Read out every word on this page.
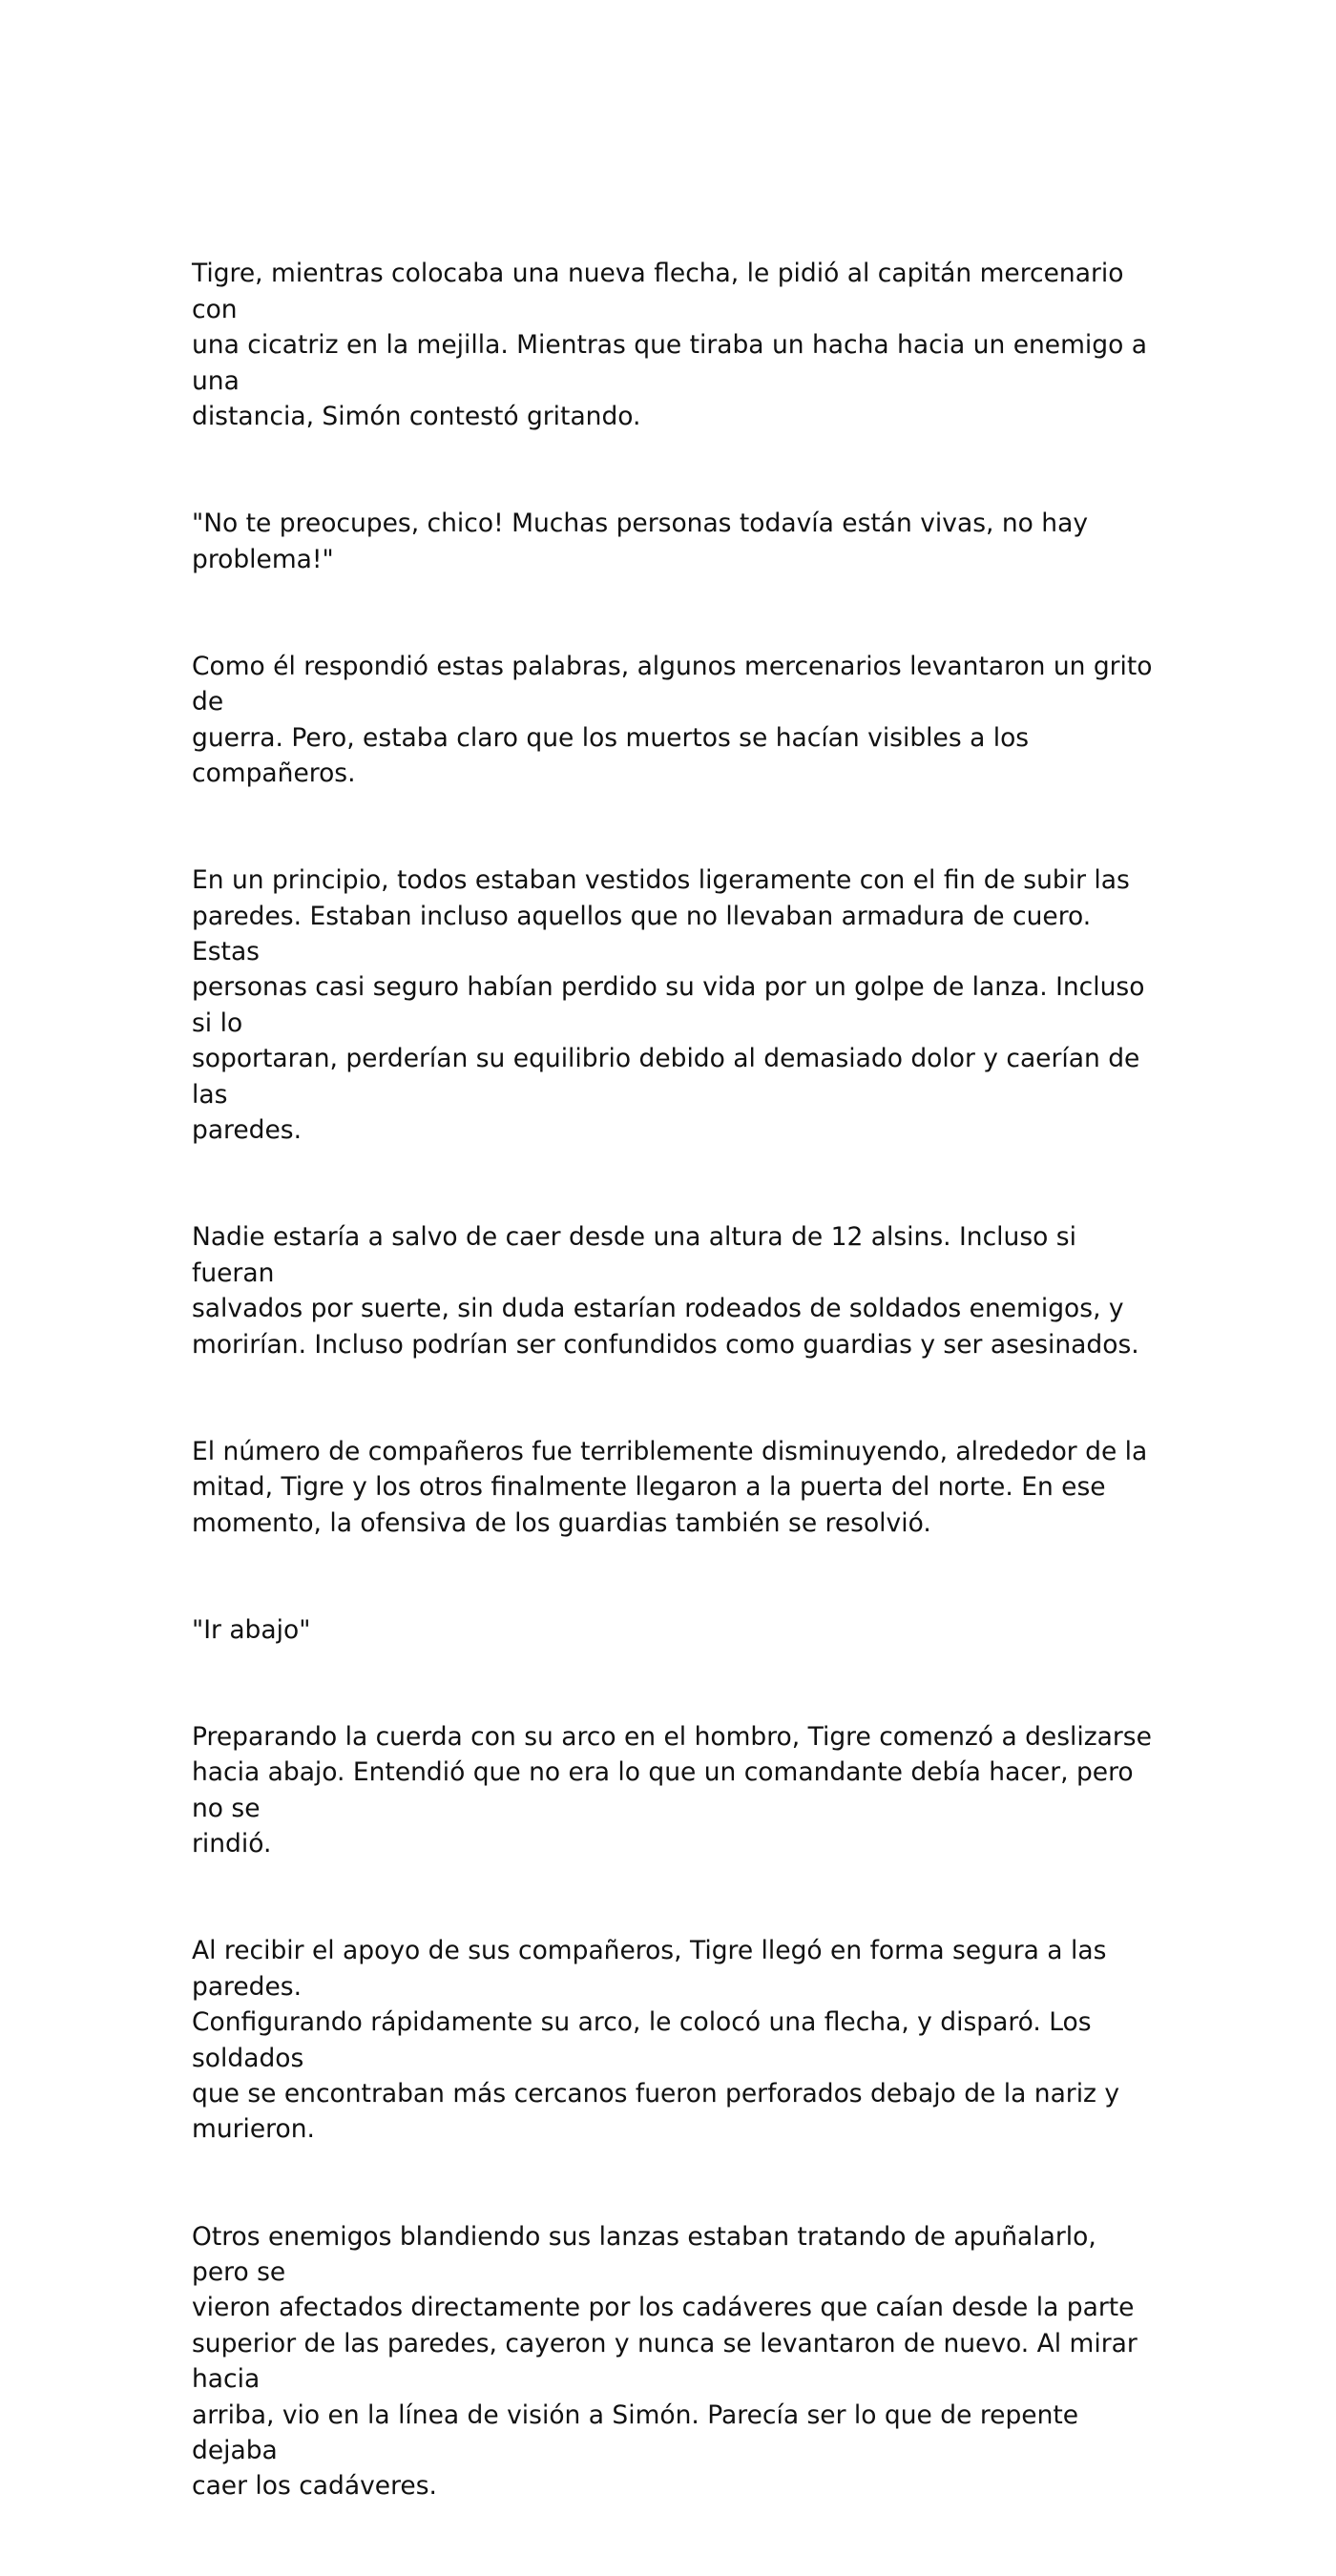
Tigre, mientras colocaba una nueva flecha, le pidió al capitán mercenario con
una cicatriz en la mejilla. Mientras que tiraba un hacha hacia un enemigo a una
distancia, Simón contestó gritando.

"No te preocupes, chico! Muchas personas todavía están vivas, no hay
problema!"

Como él respondió estas palabras, algunos mercenarios levantaron un grito de
guerra. Pero, estaba claro que los muertos se hacían visibles a los compañeros.

En un principio, todos estaban vestidos ligeramente con el fin de subir las
paredes. Estaban incluso aquellos que no llevaban armadura de cuero. Estas
personas casi seguro habían perdido su vida por un golpe de lanza. Incluso si lo
soportaran, perderían su equilibrio debido al demasiado dolor y caerían de las
paredes.

Nadie estaría a salvo de caer desde una altura de 12 alsins. Incluso si fueran
salvados por suerte, sin duda estarían rodeados de soldados enemigos, y
morirían. Incluso podrían ser confundidos como guardias y ser asesinados.

El número de compañeros fue terriblemente disminuyendo, alrededor de la
mitad, Tigre y los otros finalmente llegaron a la puerta del norte. En ese
momento, la ofensiva de los guardias también se resolvió.

"Ir abajo"

Preparando la cuerda con su arco en el hombro, Tigre comenzó a deslizarse
hacia abajo. Entendió que no era lo que un comandante debía hacer, pero no se
rindió.

Al recibir el apoyo de sus compañeros, Tigre llegó en forma segura a las paredes.
Configurando rápidamente su arco, le colocó una flecha, y disparó. Los soldados
que se encontraban más cercanos fueron perforados debajo de la nariz y
murieron.

Otros enemigos blandiendo sus lanzas estaban tratando de apuñalarlo, pero se
vieron afectados directamente por los cadáveres que caían desde la parte
superior de las paredes, cayeron y nunca se levantaron de nuevo. Al mirar hacia
arriba, vio en la línea de visión a Simón. Parecía ser lo que de repente dejaba
caer los cadáveres.
